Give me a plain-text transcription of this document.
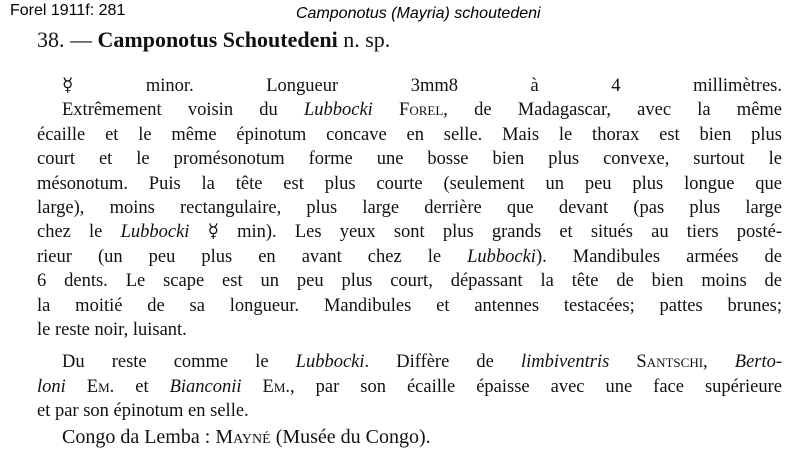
Forel 1911f: 281	Camponotus (Mayria) schoutedeni
38. — Camponotus Schoutedeni n. sp.
☿ minor. Longueur 3mm8 à 4 millimètres.
Extrêmement voisin du Lubbocki Forel, de Madagascar, avec la même
écaille et le même épinotum concave en selle. Mais le thorax est bien plus
court et le promésonotum forme une bosse bien plus convexe, surtout le
mésonotum. Puis la tête est plus courte (seulement un peu plus longue que
large), moins rectangulaire, plus large derrière que devant (pas plus large
chez le Lubbocki ☿ min). Les yeux sont plus grands et situés au tiers posté-
rieur (un peu plus en avant chez le Lubbocki). Mandibules armées de
6 dents. Le scape est un peu plus court, dépassant la tête de bien moins de
la moitié de sa longueur. Mandibules et antennes testacées; pattes brunes;
le reste noir, luisant.
Du reste comme le Lubbocki. Diffère de limbiventris Santschi, Berto-
loni Em. et Bianconii Em., par son écaille épaisse avec une face supérieure
et par son épinotum en selle.
Congo da Lemba : Mayné (Musée du Congo).
